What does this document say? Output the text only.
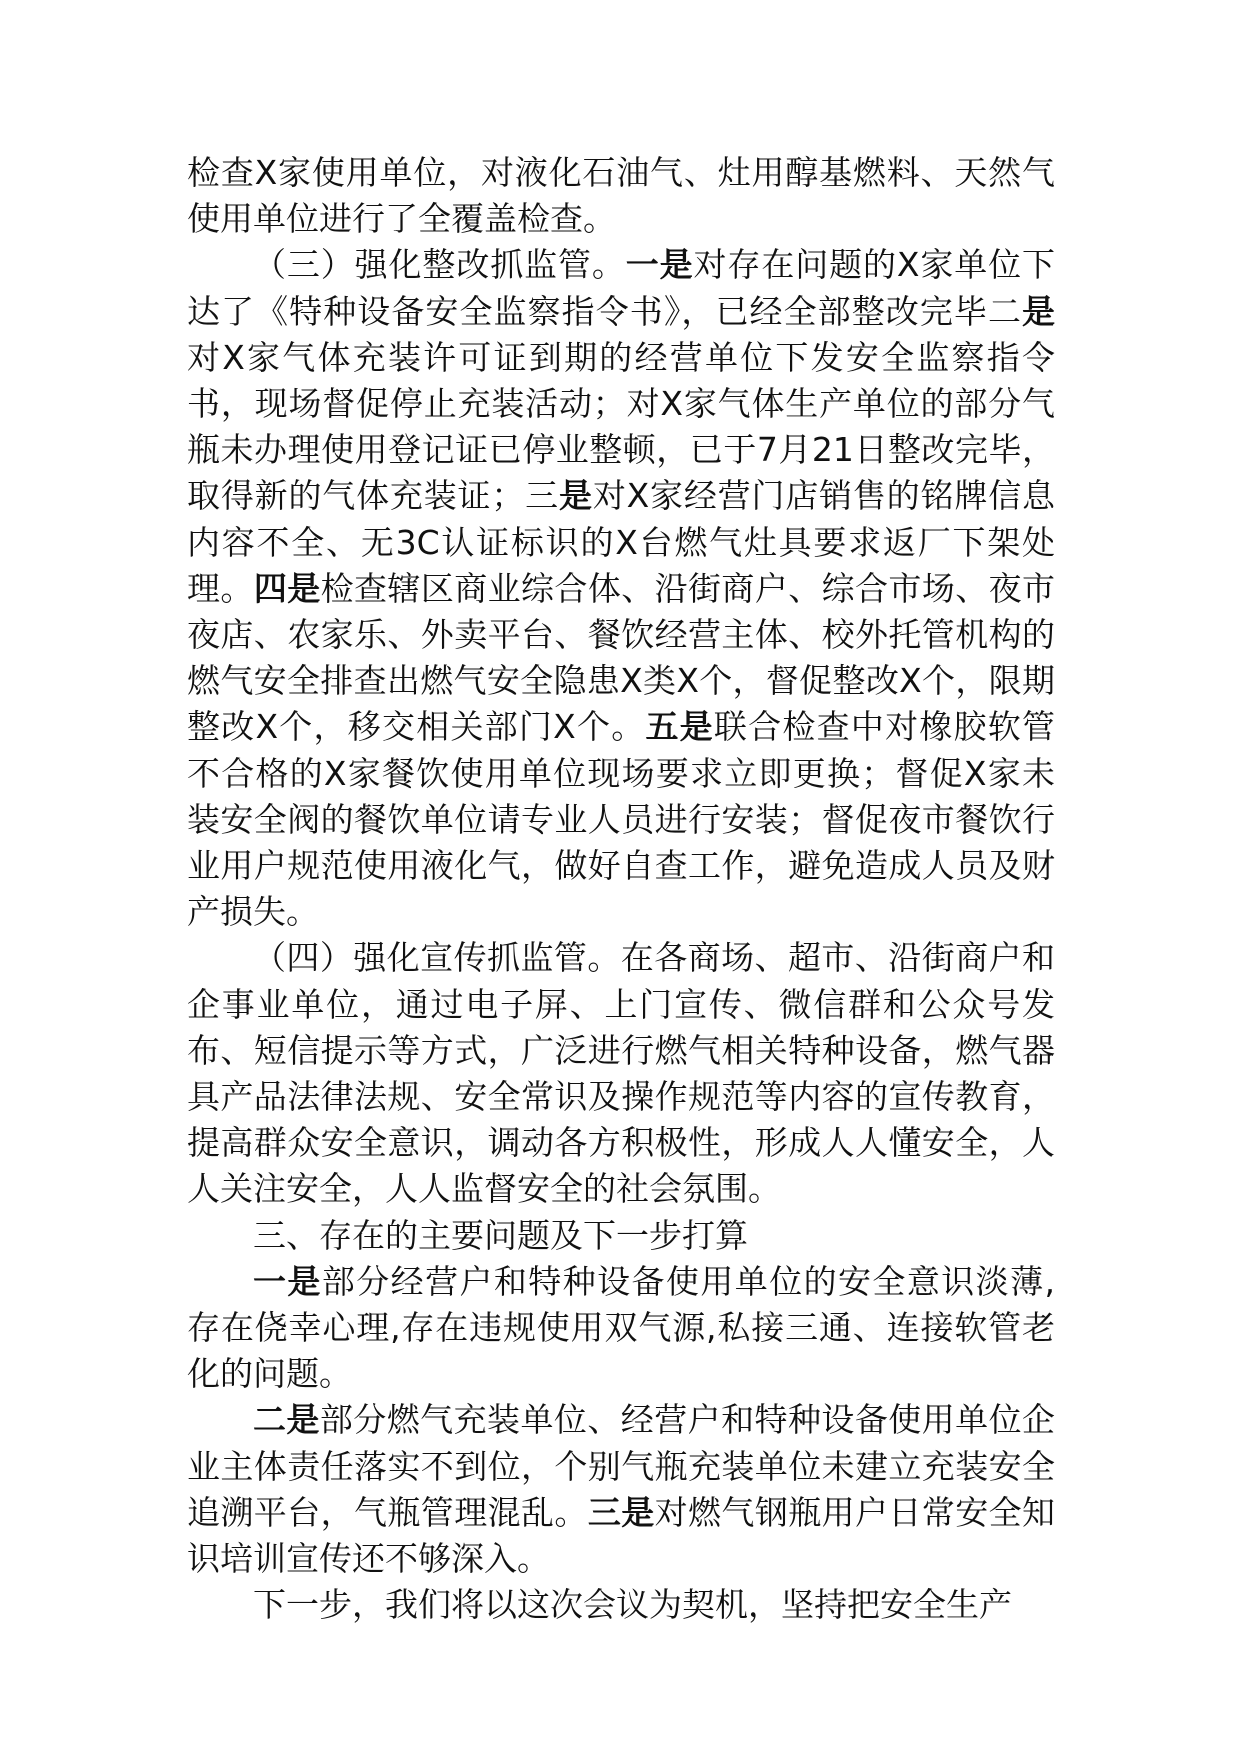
检查X家使用单位，对液化石油气、灶用醇基燃料、天然气使用单位进行了全覆盖检查。

（三）强化整改抓监管。一是对存在问题的X家单位下达了《特种设备安全监察指令书》，已经全部整改完毕二是对X家气体充装许可证到期的经营单位下发安全监察指令书，现场督促停止充装活动；对X家气体生产单位的部分气瓶未办理使用登记证已停业整顿，已于7月21日整改完毕，取得新的气体充装证；三是对X家经营门店销售的铭牌信息内容不全、无3C认证标识的X台燃气灶具要求返厂下架处理。四是检查辖区商业综合体、沿街商户、综合市场、夜市夜店、农家乐、外卖平台、餐饮经营主体、校外托管机构的燃气安全排查出燃气安全隐患X类X个，督促整改X个，限期整改X个，移交相关部门X个。五是联合检查中对橡胶软管不合格的X家餐饮使用单位现场要求立即更换；督促X家未装安全阀的餐饮单位请专业人员进行安装；督促夜市餐饮行业用户规范使用液化气，做好自查工作，避免造成人员及财产损失。

（四）强化宣传抓监管。在各商场、超市、沿街商户和企事业单位，通过电子屏、上门宣传、微信群和公众号发布、短信提示等方式，广泛进行燃气相关特种设备，燃气器具产品法律法规、安全常识及操作规范等内容的宣传教育，提高群众安全意识，调动各方积极性，形成人人懂安全，人人关注安全，人人监督安全的社会氛围。

三、存在的主要问题及下一步打算

一是部分经营户和特种设备使用单位的安全意识淡薄,存在侥幸心理,存在违规使用双气源,私接三通、连接软管老化的问题。

二是部分燃气充装单位、经营户和特种设备使用单位企业主体责任落实不到位，个别气瓶充装单位未建立充装安全追溯平台，气瓶管理混乱。三是对燃气钢瓶用户日常安全知识培训宣传还不够深入。

下一步，我们将以这次会议为契机，坚持把安全生产
